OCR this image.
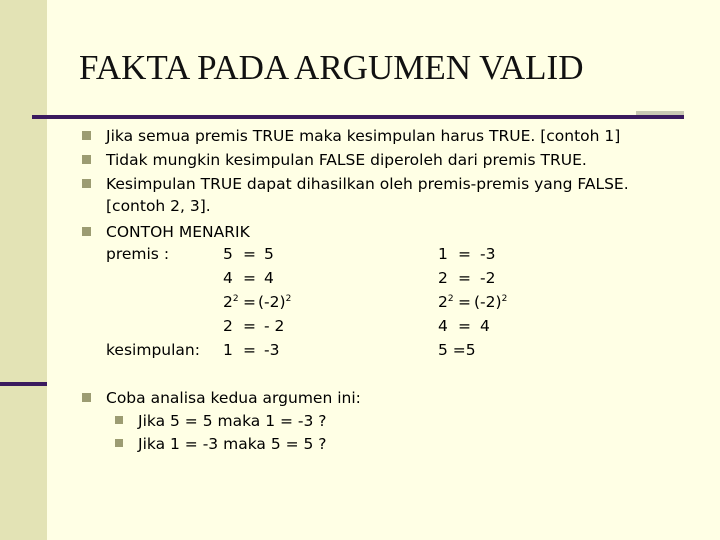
FAKTA PADA ARGUMEN VALID
Jika semua premis TRUE maka kesimpulan harus TRUE. [contoh 1]
Tidak mungkin kesimpulan FALSE diperoleh dari premis TRUE.
Kesimpulan TRUE dapat dihasilkan oleh premis-premis yang FALSE.
[contoh 2, 3].
CONTOH MENARIK
premis :
kesimpulan:
5 = 5
4 = 4
$2^2 = (-2)^2$
2 = - 2
1 = -3
1 = -3
2 = -2
$2^2 = (-2)^2$
4 = 4
5 =5
Coba analisa kedua argumen ini:
Jika 5 = 5 maka 1 = -3 ?
Jika 1 = -3 maka 5 = 5 ?
